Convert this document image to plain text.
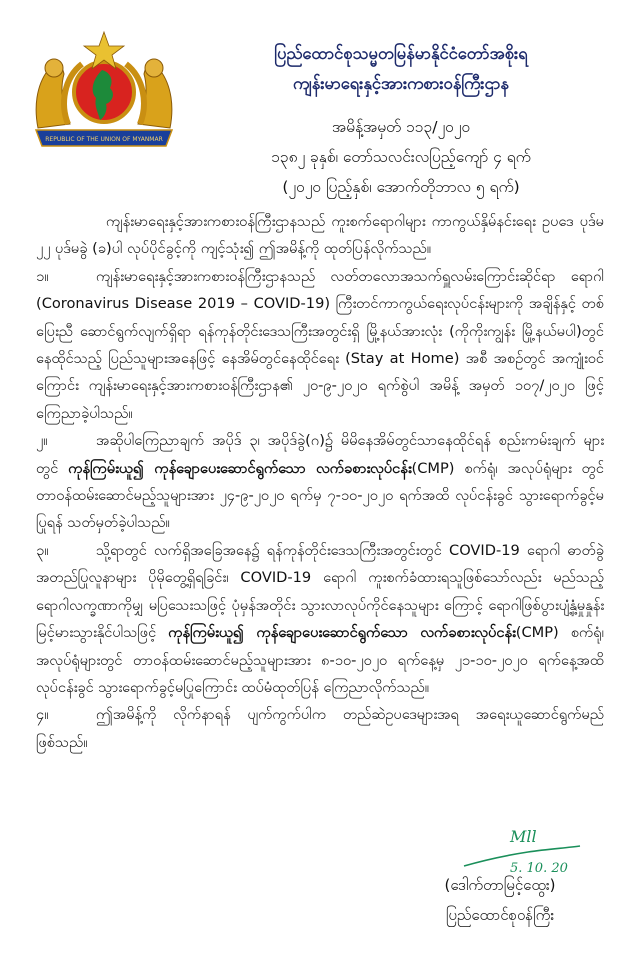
REPUBLIC OF THE UNION OF MYANMAR
ပြည်ထောင်စုသမ္မတမြန်မာနိုင်ငံတော်အစိုးရ
ကျန်းမာရေးနှင့်အားကစားဝန်ကြီးဌာန
အမိန့်အမှတ် ၁၁၃/၂၀၂၀
၁၃၈၂ ခုနှစ်၊ တော်သလင်းလပြည့်ကျော် ၄ ရက်
(၂၀၂၀ ပြည့်နှစ်၊ အောက်တိုဘာလ ၅ ရက်)

ကျန်းမာရေးနှင့်အားကစားဝန်ကြီးဌာနသည် ကူးစက်ရောဂါများ ကာကွယ်နှိမ်နင်းရေး ဥပဒေ ပုဒ်မ ၂၂ ပုဒ်မခွဲ (ခ)ပါ လုပ်ပိုင်ခွင့်ကို ကျင့်သုံး၍ ဤအမိန့်ကို ထုတ်ပြန်လိုက်သည်။

၁။	ကျန်းမာရေးနှင့်အားကစားဝန်ကြီးဌာနသည် လတ်တလောအသက်ရှူလမ်းကြောင်းဆိုင်ရာ ရောဂါ (Coronavirus Disease 2019 – COVID-19) ကြီးတင်ကာကွယ်ရေးလုပ်ငန်းများကို အချိန်နှင့် တစ်ပြေးညီ ဆောင်ရွက်လျက်ရှိရာ ရန်ကုန်တိုင်းဒေသကြီးအတွင်းရှိ မြို့နယ်အားလုံး (ကိုကိုးကျွန်း မြို့နယ်မပါ)တွင် နေထိုင်သည့် ပြည်သူများအနေဖြင့် နေအိမ်တွင်နေထိုင်ရေး (Stay at Home) အစီ အစဉ်တွင် အကျုံးဝင်ကြောင်း ကျန်းမာရေးနှင့်အားကစားဝန်ကြီးဌာန၏ ၂၀-၉-၂၀၂၀ ရက်စွဲပါ အမိန့် အမှတ် ၁၀၇/၂၀၂၀ ဖြင့် ကြေညာခဲ့ပါသည်။

၂။	အဆိုပါကြေညာချက် အပိုဒ် ၃၊ အပိုဒ်ခွဲ(ဂ)၌ မိမိနေအိမ်တွင်သာနေထိုင်ရန် စည်းကမ်းချက် များတွင် ကုန်ကြမ်းယူ၍ ကုန်ချောပေးဆောင်ရွက်သော လက်ခစားလုပ်ငန်း(CMP) စက်ရုံ၊ အလုပ်ရုံများ တွင် တာဝန်ထမ်းဆောင်မည့်သူများအား ၂၄-၉-၂၀၂၀ ရက်မှ ၇-၁၀-၂၀၂၀ ရက်အထိ လုပ်ငန်းခွင် သွားရောက်ခွင့်မပြုရန် သတ်မှတ်ခဲ့ပါသည်။

၃။	သို့ရာတွင် လက်ရှိအခြေအနေ၌ ရန်ကုန်တိုင်းဒေသကြီးအတွင်းတွင် COVID-19 ရောဂါ ဓာတ်ခွဲအတည်ပြုလူနာများ ပိုမိုတွေ့ရှိရခြင်း၊ COVID-19 ရောဂါ ကူးစက်ခံထားရသူဖြစ်သော်လည်း မည်သည့် ရောဂါလက္ခဏာကိုမျှ မပြသေးသဖြင့် ပုံမှန်အတိုင်း သွားလာလုပ်ကိုင်နေသူများ ကြောင့် ရောဂါဖြစ်ပွားပျံ့နှံ့မှုနှုန်း မြင့်မားသွားနိုင်ပါသဖြင့် ကုန်ကြမ်းယူ၍ ကုန်ချောပေးဆောင်ရွက်သော လက်ခစားလုပ်ငန်း(CMP) စက်ရုံ၊ အလုပ်ရုံများတွင် တာဝန်ထမ်းဆောင်မည့်သူများအား ၈-၁၀-၂၀၂၀ ရက်နေ့မှ ၂၁-၁၀-၂၀၂၀ ရက်နေ့အထိ လုပ်ငန်းခွင် သွားရောက်ခွင့်မပြုကြောင်း ထပ်မံထုတ်ပြန် ကြေညာလိုက်သည်။

၄။	ဤအမိန့်ကို လိုက်နာရန် ပျက်ကွက်ပါက တည်ဆဲဥပဒေများအရ အရေးယူဆောင်ရွက်မည် ဖြစ်သည်။

Mll
5. 10. 20
(ဒေါက်တာမြင့်ထွေး)
ပြည်ထောင်စုဝန်ကြီး
